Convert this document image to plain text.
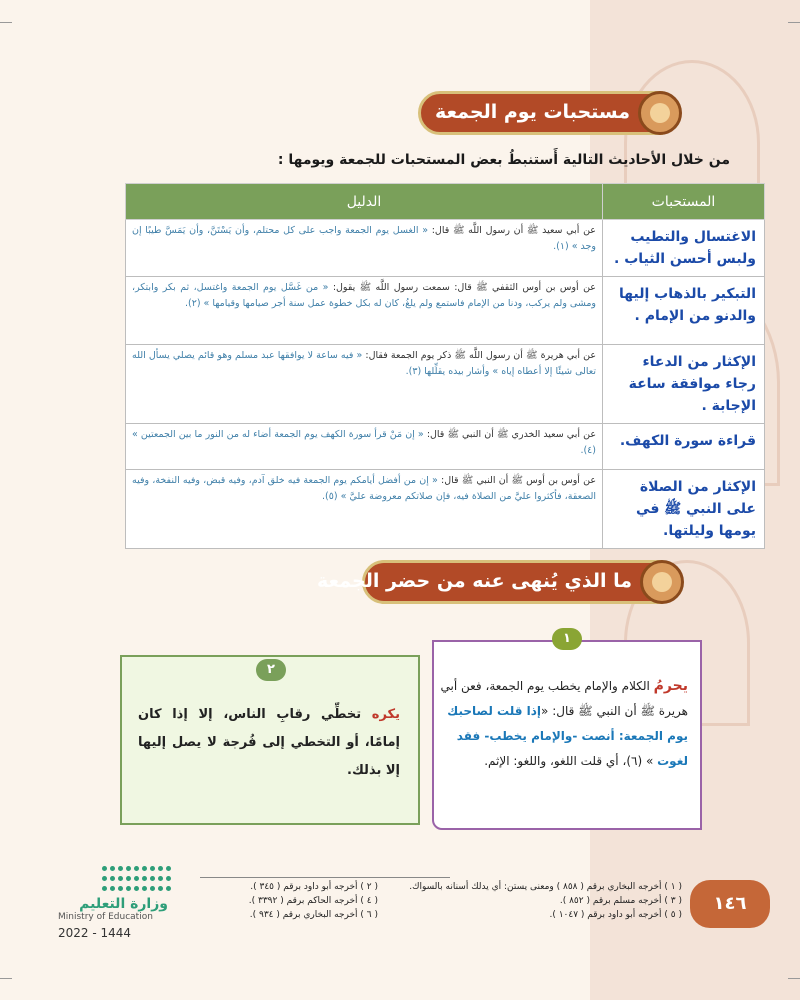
مستحبات يوم الجمعة
من خلال الأحاديث التالية أَستنبطُ بعض المستحبات للجمعة ويومها :
المستحبات	الدليل
الاغتسال والتطيب ولبس أحسن الثياب .	عن أبي سعيد ﷺ أن رسول اللَّه ﷺ قال: « الغسل يوم الجمعة واجب على كل محتلم، وأن يَسْتَنَّ، وأن يَمَسَّ طيبًا إن وجد » (١).
التبكير بالذهاب إليها والدنو من الإمام .	عن أوس بن أوس الثقفي ﷺ قال: سمعت رسول اللَّه ﷺ يقول: « من غَسَّل يوم الجمعة واغتسل، ثم بكر وابتكر، ومشى ولم يركب، ودنا من الإمام فاستمع ولم يلغُ، كان له بكل خطوة عمل سنة أجر صيامها وقيامها » (٢).
الإكثار من الدعاء رجاء موافقة ساعة الإجابة .	عن أبي هريرة ﷺ أن رسول اللَّه ﷺ ذكر يوم الجمعة فقال: « فيه ساعة لا يوافقها عبد مسلم وهو قائم يصلي يسأل الله تعالى شيئًا إلا أعطاه إياه » وأشار بيده يقلِّلها (٣).
قراءة سورة الكهف.	عن أبي سعيد الخدري ﷺ أن النبي ﷺ قال: « إن مَنْ قرأ سورة الكهف يوم الجمعة أضاء له من النور ما بين الجمعتين » (٤).
الإكثار من الصلاة على النبي ﷺ في يومها وليلتها.	عن أوس بن أوس ﷺ أن النبي ﷺ قال: « إن من أفضل أيامكم يوم الجمعة فيه خلق آدم، وفيه قبض، وفيه النفخة، وفيه الصعقة، فأكثروا عليَّ من الصلاة فيه، فإن صلاتكم معروضة عليَّ » (٥).
ما الذي يُنهى عنه من حضر الجمعة
١
يحرمُ الكلام والإمام يخطب يوم الجمعة، فعن أبي هريرة ﷺ أن النبي ﷺ قال: «إذا قلت لصاحبك يوم الجمعة: أنصت -والإمام يخطب- فقد لغوت » (٦)، أي قلت اللغو، واللغو: الإثم.
٢
يكره تخطِّي رقابِ الناس، إلا إذا كان إمامًا، أو التخطي إلى فُرجة لا يصل إليها إلا بذلك.
( ١ ) أخرجه البخاري برقم ( ٨٥٨ ) ومعنى يستن: أي يدلك أسنانه بالسواك.
( ٣ ) أخرجه مسلم برقم ( ٨٥٢ ).
( ٥ ) أخرجه أبو داود برقم ( ١٠٤٧ ).
( ٢ ) أخرجه أبو داود برقم ( ٣٤٥ ).
( ٤ ) أخرجه الحاكم برقم ( ٣٣٩٢ ).
( ٦ ) أخرجه البخاري برقم ( ٩٣٤ ).
١٤٦
وزارة التعليم
Ministry of Education
2022 - 1444
